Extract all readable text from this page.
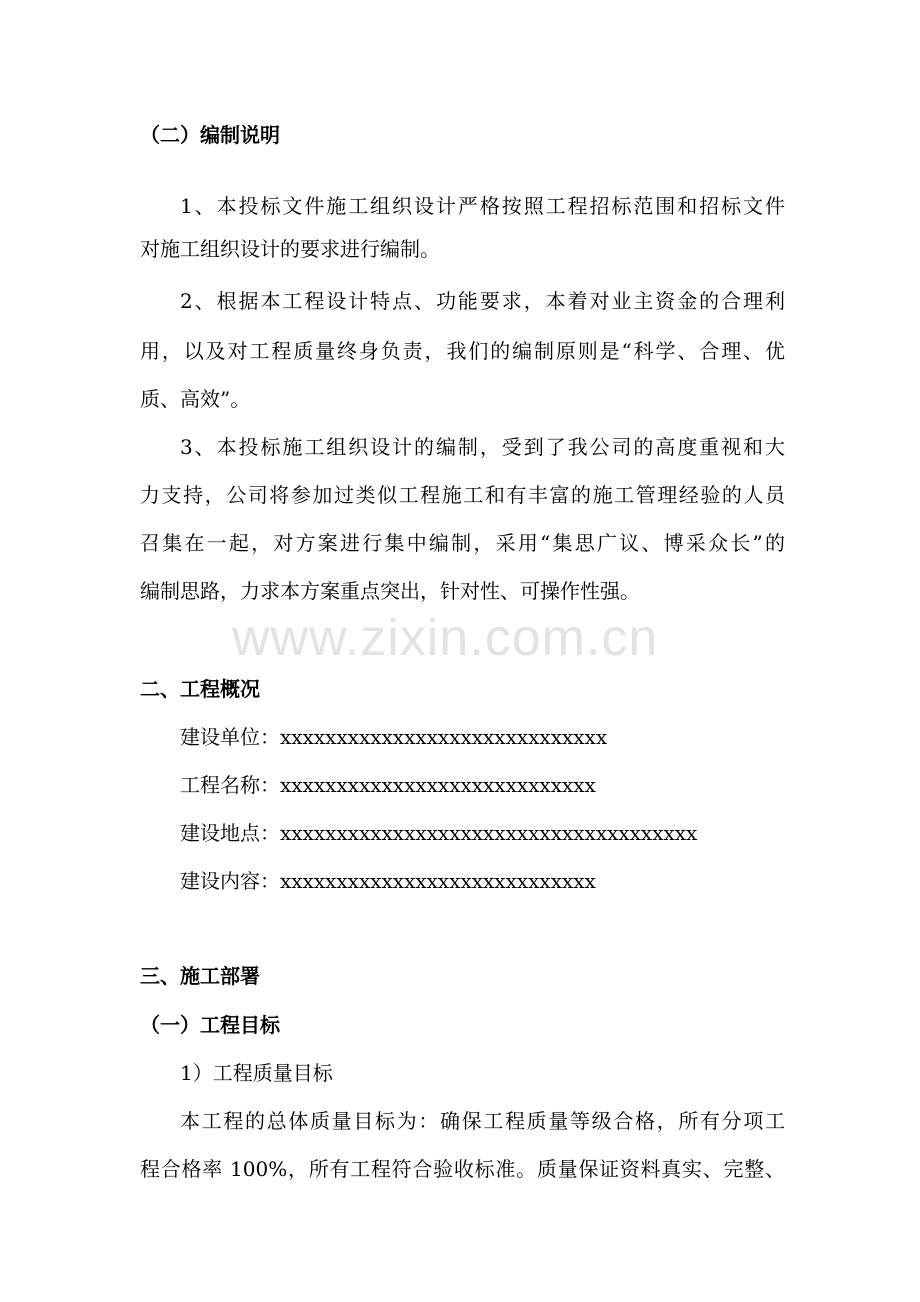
www.zixin.com.cn
（二）编制说明
1、本投标文件施工组织设计严格按照工程招标范围和招标文件
对施工组织设计的要求进行编制。
2、根据本工程设计特点、功能要求，本着对业主资金的合理利
用，以及对工程质量终身负责，我们的编制原则是“科学、合理、优
质、高效”。
3、本投标施工组织设计的编制，受到了我公司的高度重视和大
力支持，公司将参加过类似工程施工和有丰富的施工管理经验的人员
召集在一起，对方案进行集中编制，采用“集思广议、博采众长”的
编制思路，力求本方案重点突出，针对性、可操作性强。
二、工程概况
建设单位：xxxxxxxxxxxxxxxxxxxxxxxxxxxxx
工程名称：xxxxxxxxxxxxxxxxxxxxxxxxxxxx
建设地点：xxxxxxxxxxxxxxxxxxxxxxxxxxxxxxxxxxxxx
建设内容：xxxxxxxxxxxxxxxxxxxxxxxxxxxx
三、施工部署
（一）工程目标
1）工程质量目标
本工程的总体质量目标为：确保工程质量等级合格，所有分项工
程合格率 100%，所有工程符合验收标准。质量保证资料真实、完整、
